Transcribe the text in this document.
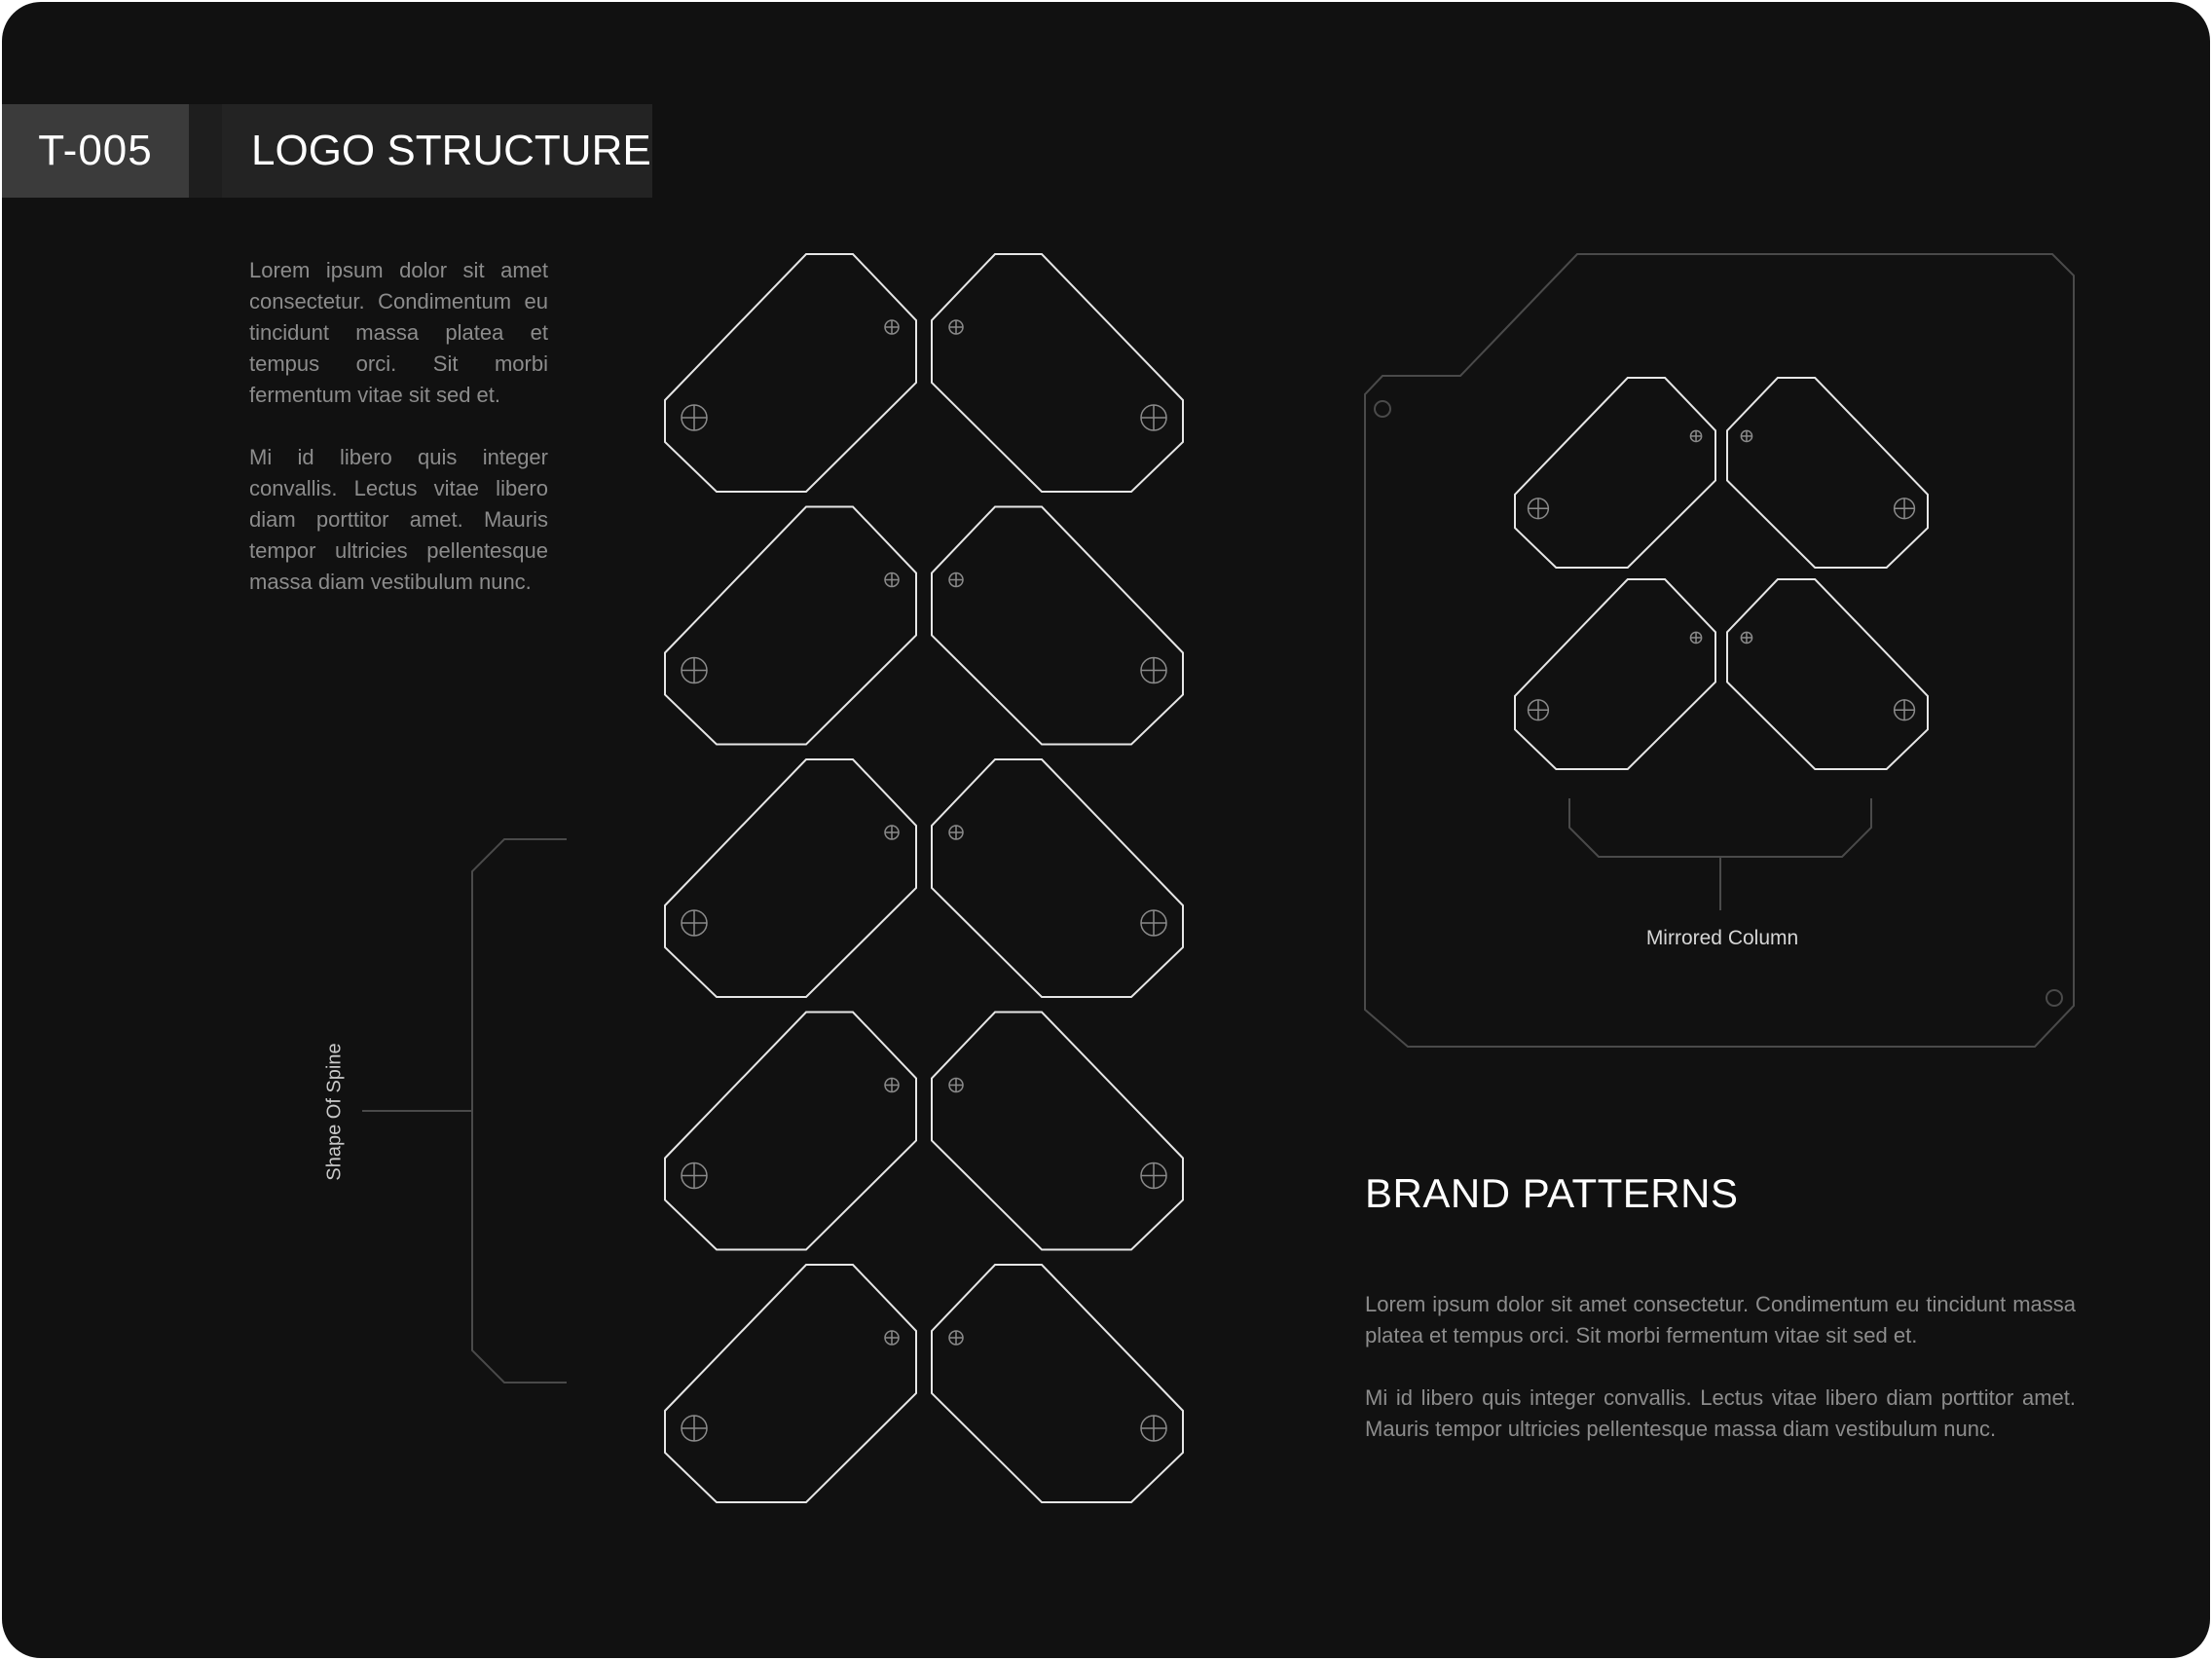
T-005	LOGO STRUCTURE

Lorem ipsum dolor sit amet consectetur. Condimentum eu tincidunt massa platea et tempus orci. Sit morbi fermentum vitae sit sed et.

Mi id libero quis integer convallis. Lectus vitae libero diam porttitor amet. Mauris tempor ultricies pellentesque massa diam vestibulum nunc.

Shape Of Spine
Mirrored Column
BRAND PATTERNS

Lorem ipsum dolor sit amet consectetur. Condimentum eu tincidunt massa platea et tempus orci. Sit morbi fermentum vitae sit sed et.

Mi id libero quis integer convallis. Lectus vitae libero diam porttitor amet. Mauris tempor ultricies pellentesque massa diam vestibulum nunc.
